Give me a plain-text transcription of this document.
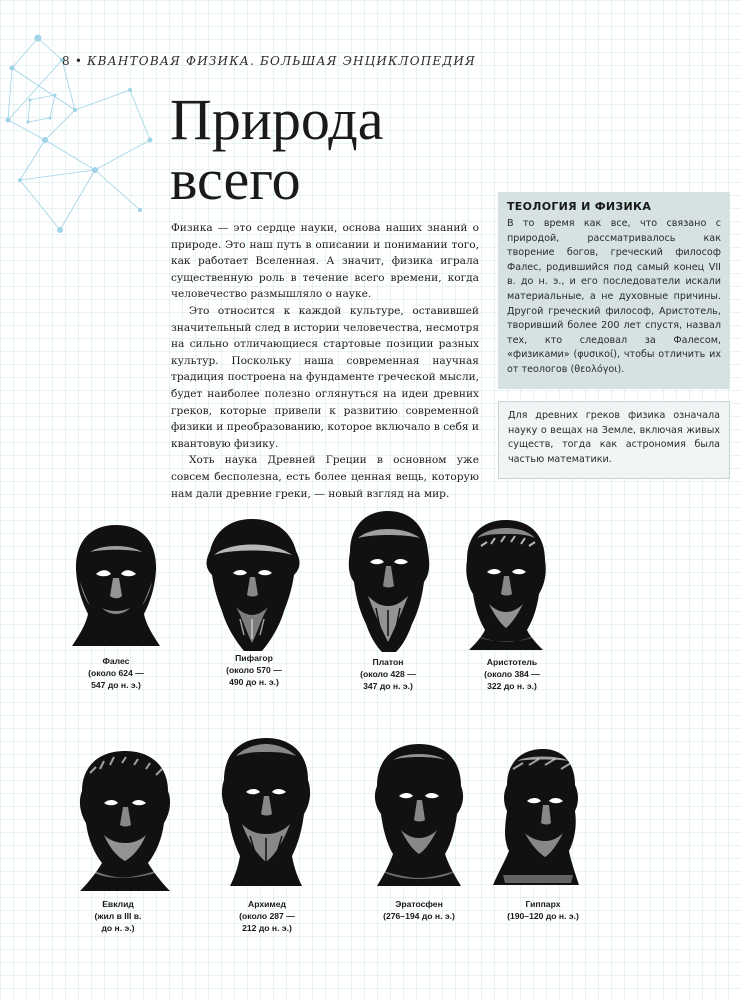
8 • КВАНТОВАЯ ФИЗИКА. БОЛЬШАЯ ЭНЦИКЛОПЕДИЯ
Природа
всего

Физика — это сердце науки, основа наших знаний о природе. Это наш путь в описании и понимании того, как работает Вселенная. А значит, физика играла существенную роль в течение всего времени, когда человечество размышляло о науке.

Это относится к каждой культуре, оставившей значительный след в истории человечества, несмотря на сильно отличающиеся стартовые позиции разных культур. Поскольку наша современная научная традиция построена на фундаменте греческой мысли, будет наиболее полезно оглянуться на идеи древних греков, которые привели к развитию современной физики и преобразованию, которое включало в себя и квантовую физику.

Хоть наука Древней Греции в основном уже совсем бесполезна, есть более ценная вещь, которую нам дали древние греки, — новый взгляд на мир.

ТЕОЛОГИЯ И ФИЗИКА
В то время как все, что связано с природой, рассматривалось как творение богов, греческий философ Фалес, родившийся под самый конец VII в. до н. э., и его последователи искали материальные, а не духовные причины. Другой греческий философ, Аристотель, творивший более 200 лет спустя, назвал тех, кто следовал за Фалесом, «физиками» (φυσικοί), чтобы отличить их от теологов (θεολόγοι).
Для древних греков физика означала науку о вещах на Земле, включая живых существ, тогда как астрономия была частью математики.
Фалес
(около 624 —
547 до н. э.)
Пифагор
(около 570 —
490 до н. э.)
Платон
(около 428 —
347 до н. э.)
Аристотель
(около 384 —
322 до н. э.)
Евклид
(жил в III в.
до н. э.)
Архимед
(около 287 —
212 до н. э.)
Эратосфен
(276–194 до н. э.)
Гиппарх
(190–120 до н. э.)
